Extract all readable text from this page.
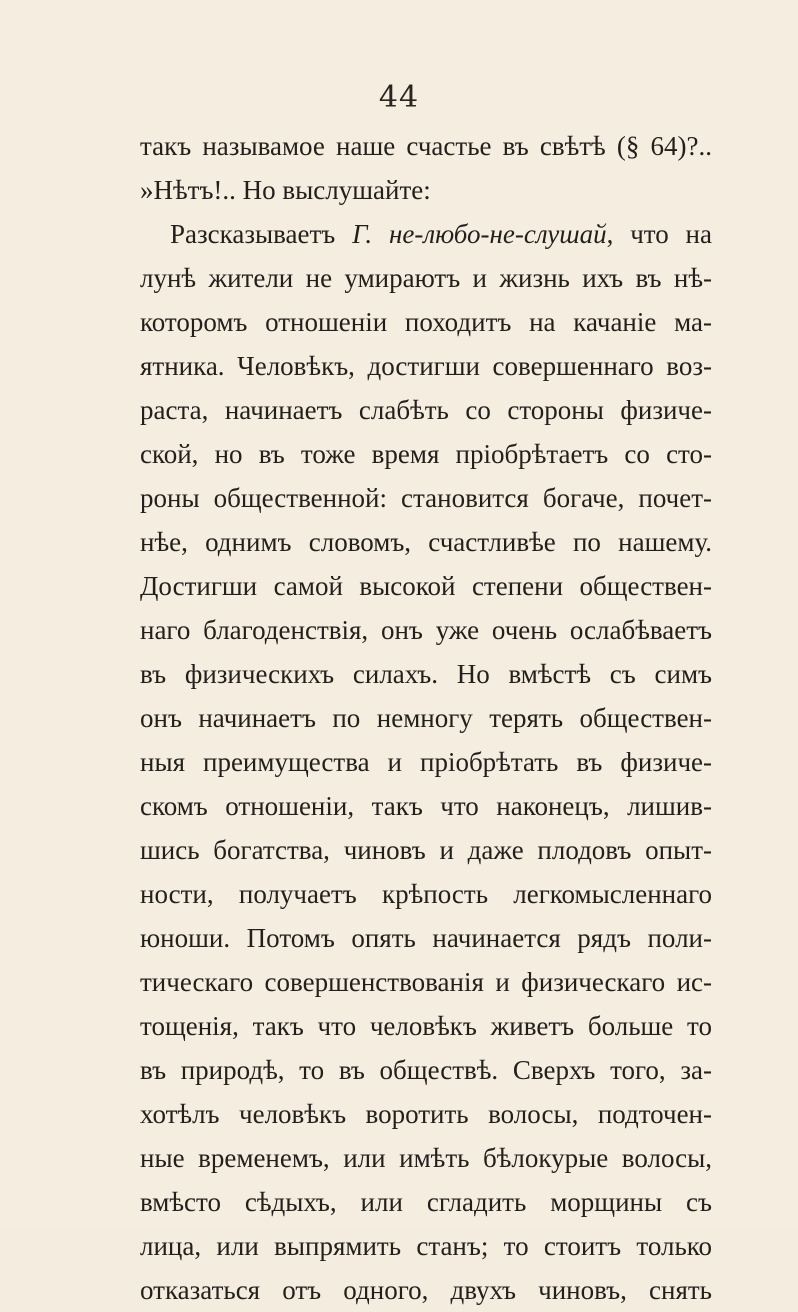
44
такъ называмое наше счастье въ свѣтѣ (§ 64)?..
»Нѣтъ!.. Но выслушайте:
Разсказываетъ Г. не-любо-не-слушай, что на
лунѣ жители не умираютъ и жизнь ихъ въ нѣ-
которомъ отношеніи походитъ на качаніе ма-
ятника. Человѣкъ, достигши совершеннаго воз-
раста, начинаетъ слабѣть со стороны физиче-
ской, но въ тоже время пріобрѣтаетъ со сто-
роны общественной: становится богаче, почет-
нѣе, однимъ словомъ, счастливѣе по нашему.
Достигши самой высокой степени обществен-
наго благоденствія, онъ уже очень ослабѣваетъ
въ физическихъ силахъ. Но вмѣстѣ съ симъ
онъ начинаетъ по немногу терять обществен-
ныя преимущества и пріобрѣтать въ физиче-
скомъ отношеніи, такъ что наконецъ, лишив-
шись богатства, чиновъ и даже плодовъ опыт-
ности, получаетъ крѣпость легкомысленнаго
юноши. Потомъ опять начинается рядъ поли-
тическаго совершенствованія и физическаго ис-
тощенія, такъ что человѣкъ живетъ больше то
въ природѣ, то въ обществѣ. Сверхъ того, за-
хотѣлъ человѣкъ воротить волосы, подточен-
ные временемъ, или имѣть бѣлокурые волосы,
вмѣсто сѣдыхъ, или сгладить морщины съ
лица, или выпрямить станъ; то стоитъ только
отказаться отъ одного, двухъ чиновъ, снять
